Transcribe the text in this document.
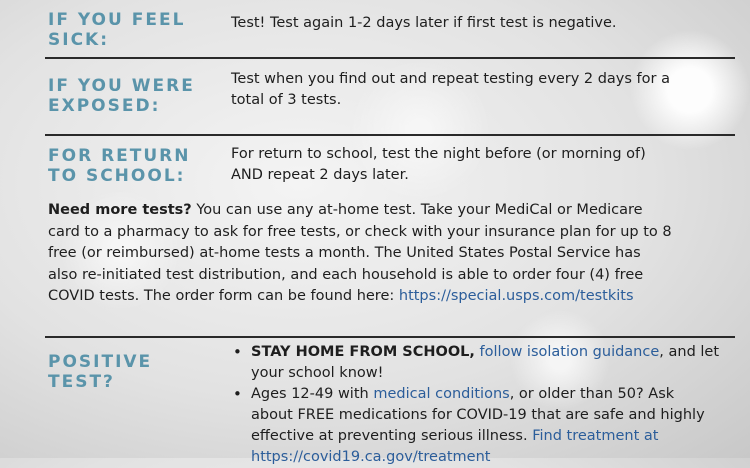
IF YOU FEEL
SICK:
Test! Test again 1-2 days later if first test is negative.
IF YOU WERE
EXPOSED:
Test when you find out and repeat testing every 2 days for a
total of 3 tests.
FOR RETURN
TO SCHOOL:
For return to school, test the night before (or morning of)
AND repeat 2 days later.
Need more tests? You can use any at-home test. Take your MediCal or Medicare
card to a pharmacy to ask for free tests, or check with your insurance plan for up to 8
free (or reimbursed) at-home tests a month. The United States Postal Service has
also re-initiated test distribution, and each household is able to order four (4) free
COVID tests. The order form can be found here: https://special.usps.com/testkits
POSITIVE
TEST?
• STAY HOME FROM SCHOOL, follow isolation guidance, and let
your school know!
• Ages 12-49 with medical conditions, or older than 50? Ask
about FREE medications for COVID-19 that are safe and highly
effective at preventing serious illness. Find treatment at
https://covid19.ca.gov/treatment
